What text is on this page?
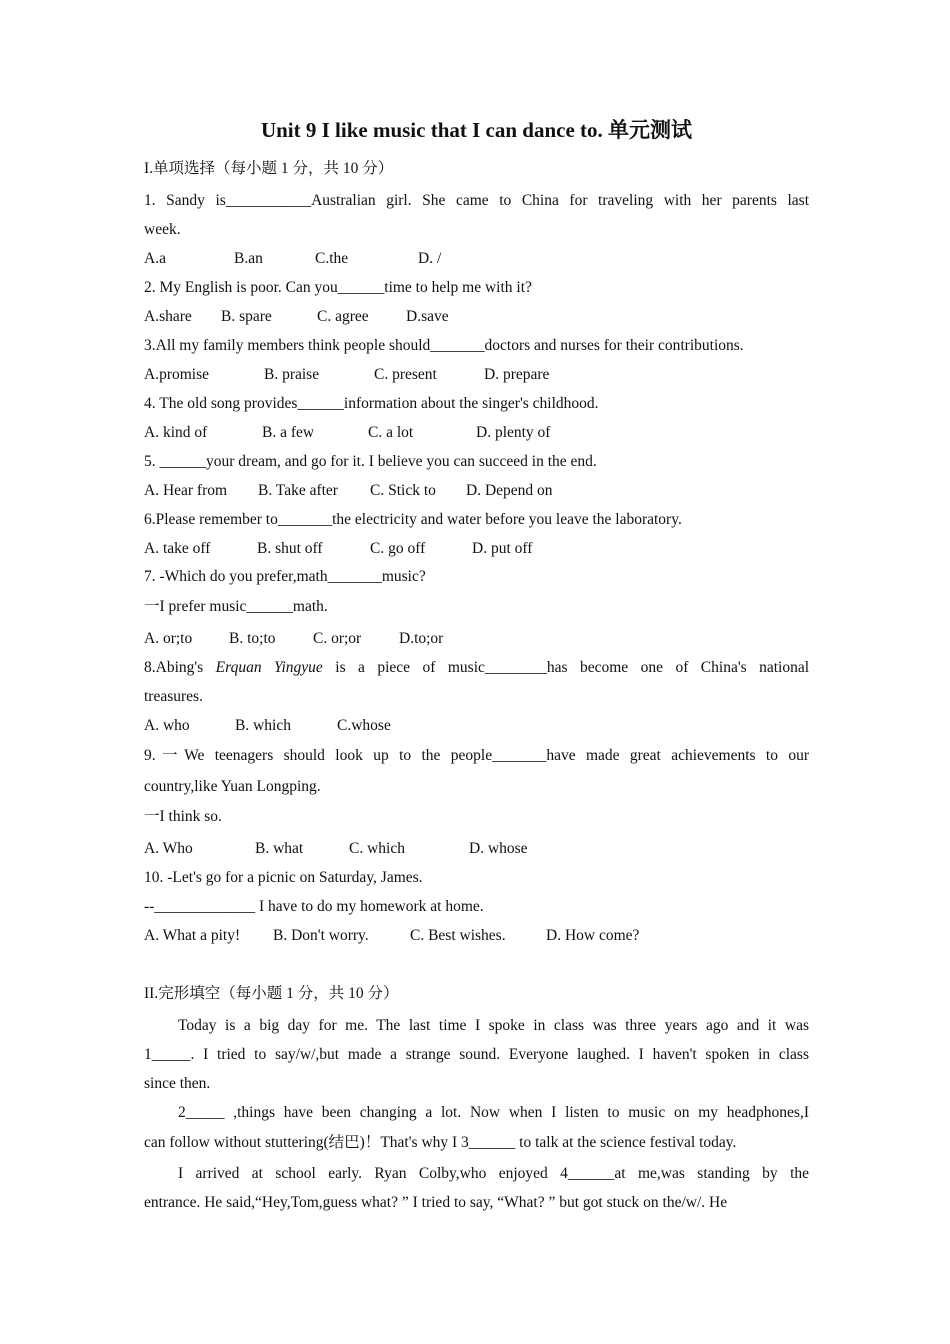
Unit 9 I like music that I can dance to. 单元测试
I.单项选择（每小题 1 分，共 10 分）
1. Sandy is___________Australian girl. She came to China for traveling with her parents last
week.
A.a	B.an	C.the	D. /
2. My English is poor. Can you______time to help me with it?
A.share B. spare	C. agree D.save
3.All my family members think people should_______doctors and nurses for their contributions.
A.promise	B. praise	C. present	D. prepare
4. The old song provides______information about the singer's childhood.
A. kind of	B. a few	C. a lot	D. plenty of
5. ______your dream, and go for it. I believe you can succeed in the end.
A. Hear from B. Take after C. Stick to D. Depend on
6.Please remember to_______the electricity and water before you leave the laboratory.
A. take off	B. shut off	C. go off	D. put off
7. -Which do you prefer,math_______music?
一I prefer music______math.
A. or;to B. to;to C. or;or D.to;or
8.Abing's Erquan Yingyue is a piece of music________has become one of China's national
treasures.
A. who	B. which	C.whose
9.一We teenagers should look up to the people_______have made great achievements to our
country,like Yuan Longping.
一I think so.
A. Who	B. what	C. which	D. whose
10. -Let's go for a picnic on Saturday, James.
--_____________ I have to do my homework at home.
A. What a pity! B. Don't worry.	C. Best wishes.	D. How come?
II.完形填空（每小题 1 分，共 10 分）
Today is a big day for me. The last time I spoke in class was three years ago and it was
1_____. I tried to say/w/,but made a strange sound. Everyone laughed. I haven't spoken in class
since then.
2_____ ,things have been changing a lot. Now when I listen to music on my headphones,I
can follow without stuttering(结巴)！That's why I 3______ to talk at the science festival today.
I arrived at school early. Ryan Colby,who enjoyed 4______at me,was standing by the
entrance. He said,“Hey,Tom,guess what? ” I tried to say, “What? ” but got stuck on the/w/. He
